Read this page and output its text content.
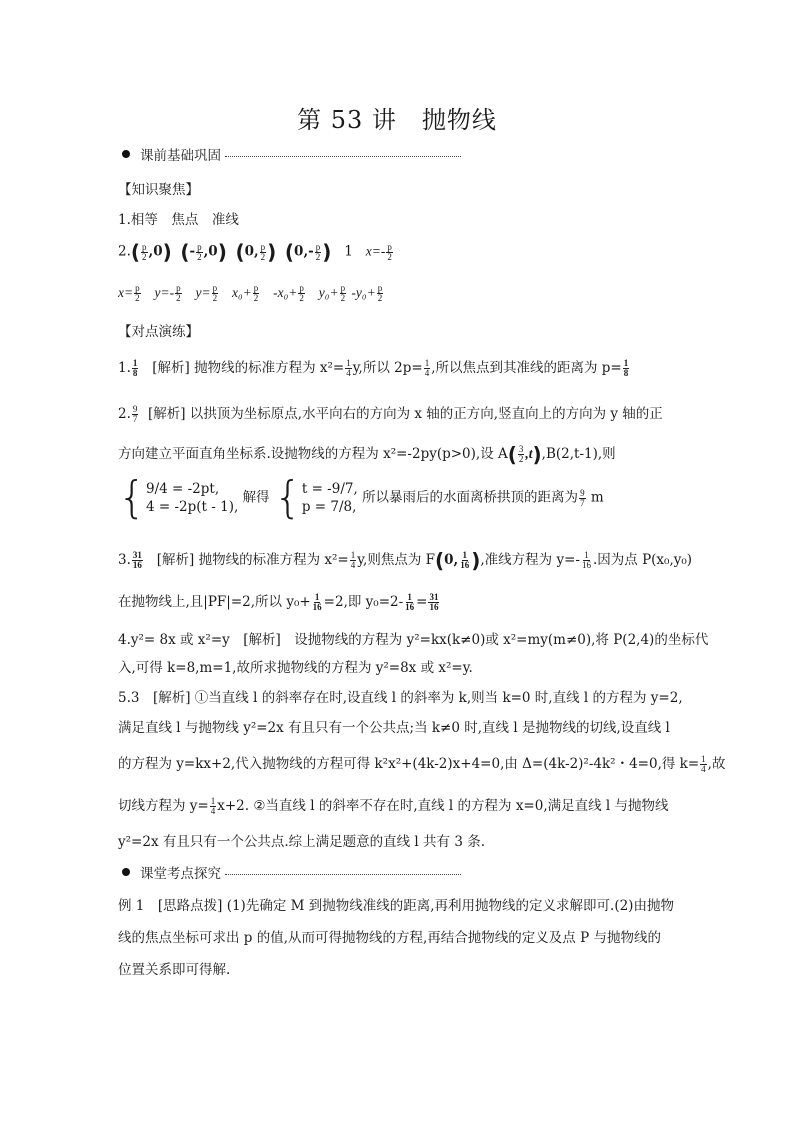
第 53 讲　抛物线
课前基础巩固
【知识聚焦】
1.相等　焦点　准线
$2.( \frac{p}{2} ,0)$ (- $\frac{p}{2} ,0$) (0, $\frac{p}{2}$ ) ($0,- \frac{p}{2}$ ) 1 $x=- \frac{p}{2}$
$x= \frac{p}{2} y=- \frac{p}{2} y= \frac{p}{2} x_0+ \frac{p}{2} -x_0+ \frac{p}{2} y_0+ \frac{p}{2} -y_0+ \frac{p}{2}$
【对点演练】
1. $\frac{1}{8}$ [解析] 抛物线的标准方程为 $x^2= \frac{1}{4} y$,所以 $2p= \frac{1}{4}$ ,所以焦点到其准线的距离为 $p= \frac{1}{8}$
2. $\frac{9}{7}$ [解析] 以拱顶为坐标原点,水平向右的方向为 x 轴的正方向,竖直向上的方向为 y 轴的正
方向建立平面直角坐标系.设抛物线的方程为 x²=-2py(p>0),设 $A( \frac{3}{2} ,t),B(2,t-1)$,则
{ 9/4 = -2pt,
4 = -2p(t - 1),
解得 { t = -9/7,
p = 7/8,
所以暴雨后的水面离桥拱顶的距离为 $\frac{9}{7}$ m
3. $\frac{31}{16}$ [解析] 抛物线的标准方程为 $x^2= \frac{1}{4} y$,则焦点为 F(0, $\frac{1}{16}$ ),准线方程为 $y=- \frac{1}{16}$ .因为点 P(x₀,y₀)
在抛物线上,且|PF|=2,所以 $y_0+ \frac{1}{16} =2$,即 $y_0=2- \frac{1}{16} = \frac{31}{16}$
4.y²= 8x 或 x²=y　[解析]　设抛物线的方程为 y²=kx(k≠0)或 x²=my(m≠0),将 P(2,4)的坐标代
入,可得 k=8,m=1,故所求抛物线的方程为 y²=8x 或 x²=y.
5.3　[解析] ①当直线 l 的斜率存在时,设直线 l 的斜率为 k,则当 k=0 时,直线 l 的方程为 y=2,
满足直线 l 与抛物线 y²=2x 有且只有一个公共点;当 k≠0 时,直线 l 是抛物线的切线,设直线 l
的方程为 y=kx+2,代入抛物线的方程可得 k²x²+(4k-2)x+4=0,由 Δ=(4k-2)²-4k²・4=0,得 $k= \frac{1}{4}$ ,故
切线方程为 $y= \frac{1}{4} x+2$. ②当直线 l 的斜率不存在时,直线 l 的方程为 x=0,满足直线 l 与抛物线
y²=2x 有且只有一个公共点.综上满足题意的直线 l 共有 3 条.
课堂考点探究
例 1　[思路点拨] (1)先确定 M 到抛物线准线的距离,再利用抛物线的定义求解即可.(2)由抛物
线的焦点坐标可求出 p 的值,从而可得抛物线的方程,再结合抛物线的定义及点 P 与抛物线的
位置关系即可得解.
